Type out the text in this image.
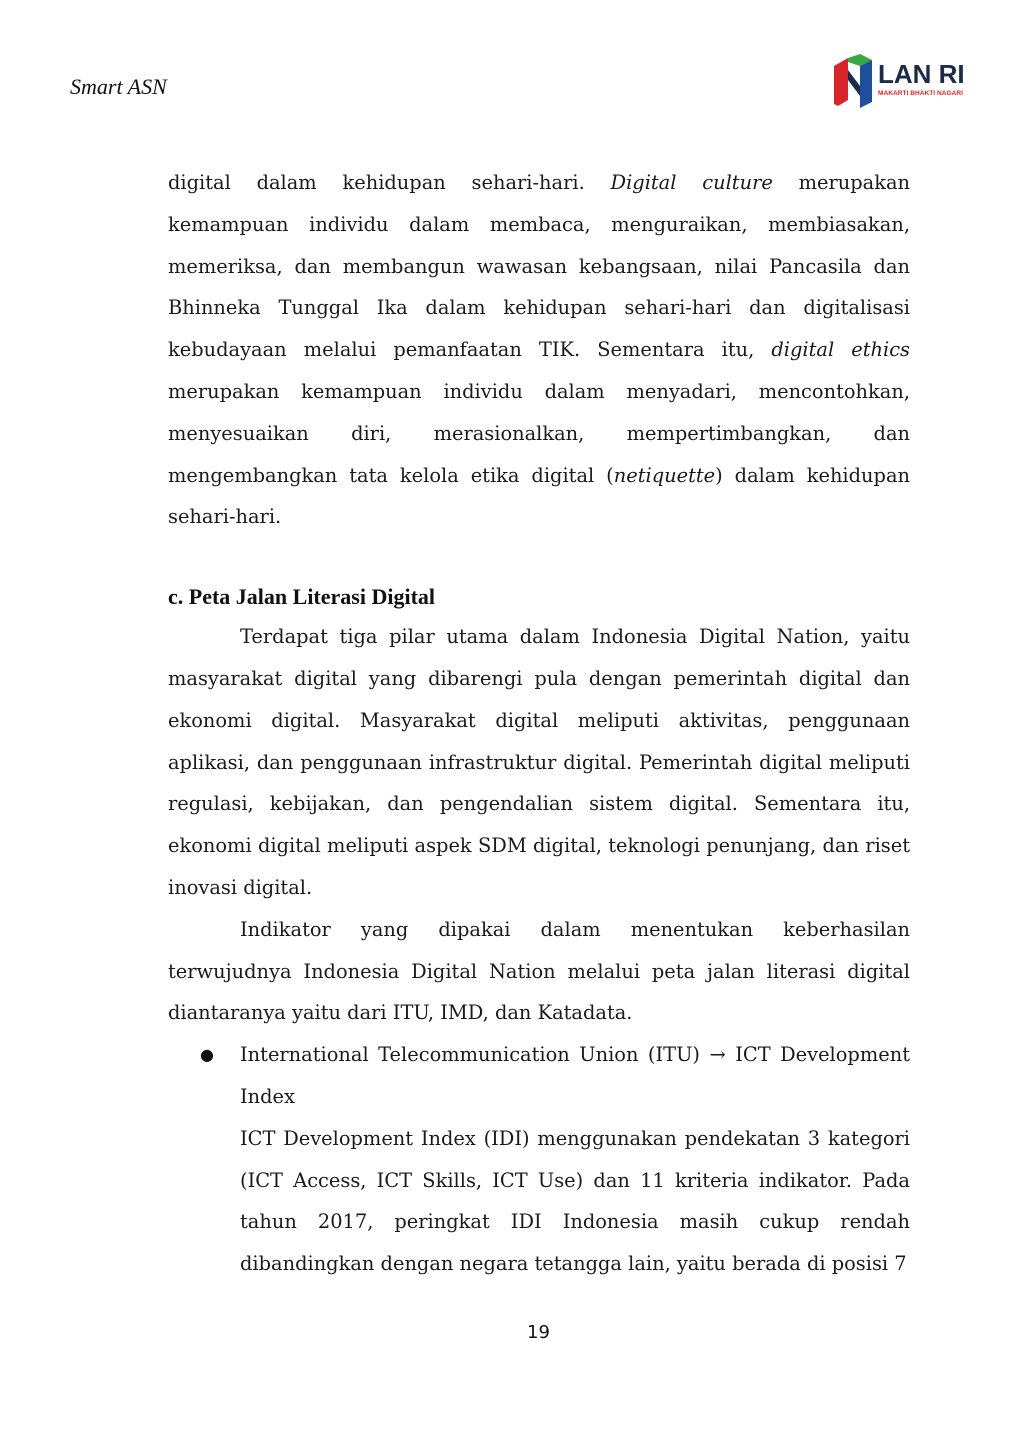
Smart ASN	LAN RI
MAKARTI BHAKTI NAGARI

digital dalam kehidupan sehari-hari. Digital culture merupakan kemampuan individu dalam membaca, menguraikan, membiasakan, memeriksa, dan membangun wawasan kebangsaan, nilai Pancasila dan Bhinneka Tunggal Ika dalam kehidupan sehari-hari dan digitalisasi kebudayaan melalui pemanfaatan TIK. Sementara itu, digital ethics merupakan kemampuan individu dalam menyadari, mencontohkan, menyesuaikan diri, merasionalkan, mempertimbangkan, dan mengembangkan tata kelola etika digital (netiquette) dalam kehidupan sehari-hari.

c. Peta Jalan Literasi Digital

Terdapat tiga pilar utama dalam Indonesia Digital Nation, yaitu masyarakat digital yang dibarengi pula dengan pemerintah digital dan ekonomi digital. Masyarakat digital meliputi aktivitas, penggunaan aplikasi, dan penggunaan infrastruktur digital. Pemerintah digital meliputi regulasi, kebijakan, dan pengendalian sistem digital. Sementara itu, ekonomi digital meliputi aspek SDM digital, teknologi penunjang, dan riset inovasi digital.

Indikator yang dipakai dalam menentukan keberhasilan terwujudnya Indonesia Digital Nation melalui peta jalan literasi digital diantaranya yaitu dari ITU, IMD, dan Katadata.

● International Telecommunication Union (ITU) → ICT Development Index

ICT Development Index (IDI) menggunakan pendekatan 3 kategori (ICT Access, ICT Skills, ICT Use) dan 11 kriteria indikator. Pada tahun 2017, peringkat IDI Indonesia masih cukup rendah dibandingkan dengan negara tetangga lain, yaitu berada di posisi 7

19
